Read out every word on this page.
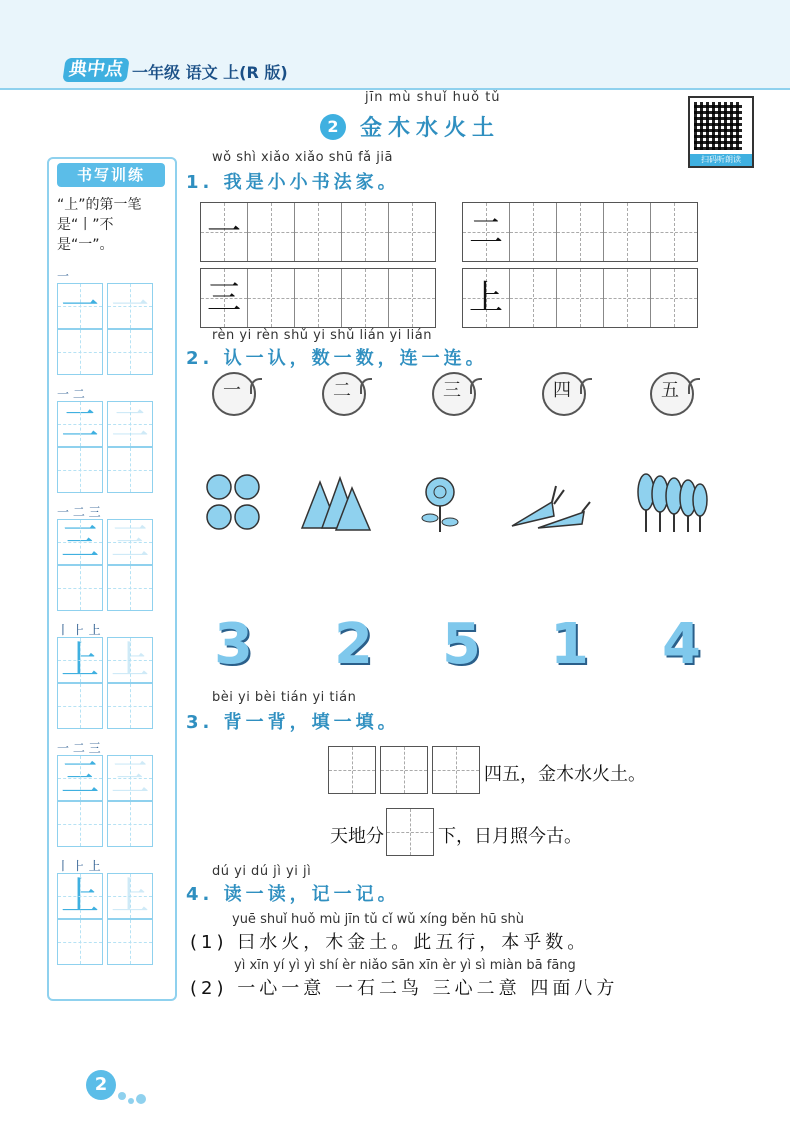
典中点 一年级 语文 上(R 版)
扫码听朗读
jīn mù shuǐ huǒ tǔ
2 金木水火土
书写训练
“上”的第一笔是“丨”不是“一”。
一
一 一
一 二
二 二
一 二 三
三 三
丨 ⺊ 上
上 上
一 二 三
三 三
丨 ⺊ 上
上 上
wǒ shì xiǎo xiǎo shū fǎ jiā
1. 我是小小书法家。
一	二
三	上
rèn yi rèn shǔ yi shǔ lián yi lián
2. 认一认，数一数，连一连。
一	二	三	四	五
3 2 5 1 4
bèi yi bèi tián yi tián
3. 背一背，填一填。
四五，金木水火土。
天地分	下，日月照今古。
dú yi dú jì yi jì
4. 读一读，记一记。
yuē shuǐ huǒ mù jīn tǔ cǐ wǔ xíng běn hū shù
(1) 曰水火，木金土。此五行，本乎数。
yì xīn yí yì yì shí èr niǎo sān xīn èr yì sì miàn bā fāng
(2) 一心一意 一石二鸟 三心二意 四面八方
2
